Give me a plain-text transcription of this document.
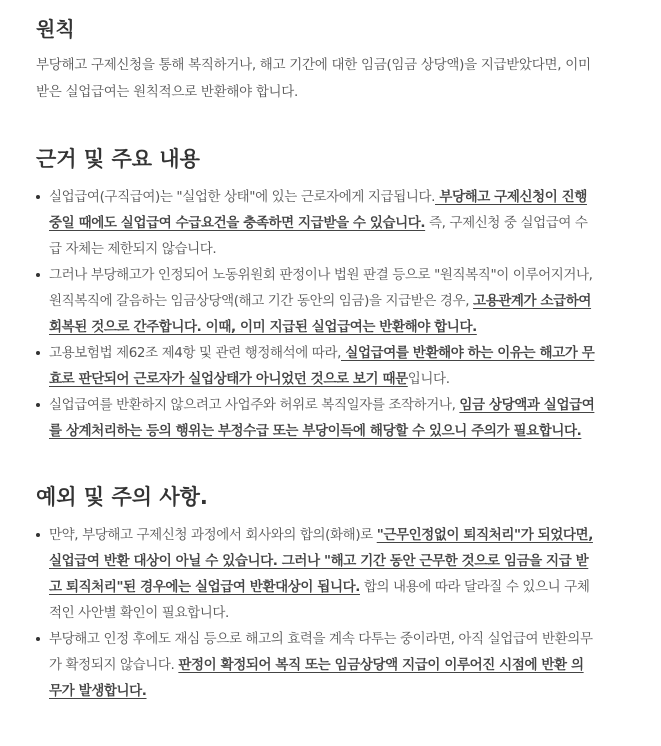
원칙

부당해고 구제신청을 통해 복직하거나, 해고 기간에 대한 임금(임금 상당액)을 지급받았다면, 이미 받은 실업급여는 원칙적으로 반환해야 합니다.

근거 및 주요 내용
실업급여(구직급여)는 "실업한 상태"에 있는 근로자에게 지급됩니다. 부당해고 구제신청이 진행 중일 때에도 실업급여 수급요건을 충족하면 지급받을 수 있습니다. 즉, 구제신청 중 실업급여 수급 자체는 제한되지 않습니다.
그러나 부당해고가 인정되어 노동위원회 판정이나 법원 판결 등으로 "원직복직"이 이루어지거나, 원직복직에 갈음하는 임금상당액(해고 기간 동안의 임금)을 지급받은 경우, 고용관계가 소급하여 회복된 것으로 간주합니다. 이때, 이미 지급된 실업급여는 반환해야 합니다.
고용보험법 제62조 제4항 및 관련 행정해석에 따라, 실업급여를 반환해야 하는 이유는 해고가 무효로 판단되어 근로자가 실업상태가 아니었던 것으로 보기 때문입니다.
실업급여를 반환하지 않으려고 사업주와 허위로 복직일자를 조작하거나, 임금 상당액과 실업급여를 상계처리하는 등의 행위는 부정수급 또는 부당이득에 해당할 수 있으니 주의가 필요합니다.
예외 및 주의 사항.
만약, 부당해고 구제신청 과정에서 회사와의 합의(화해)로 "근무인정없이 퇴직처리"가 되었다면, 실업급여 반환 대상이 아닐 수 있습니다. 그러나 "해고 기간 동안 근무한 것으로 임금을 지급 받고 퇴직처리"된 경우에는 실업급여 반환대상이 됩니다. 합의 내용에 따라 달라질 수 있으니 구체적인 사안별 확인이 필요합니다.
부당해고 인정 후에도 재심 등으로 해고의 효력을 계속 다투는 중이라면, 아직 실업급여 반환의무가 확정되지 않습니다. 판정이 확정되어 복직 또는 임금상당액 지급이 이루어진 시점에 반환 의무가 발생합니다.
